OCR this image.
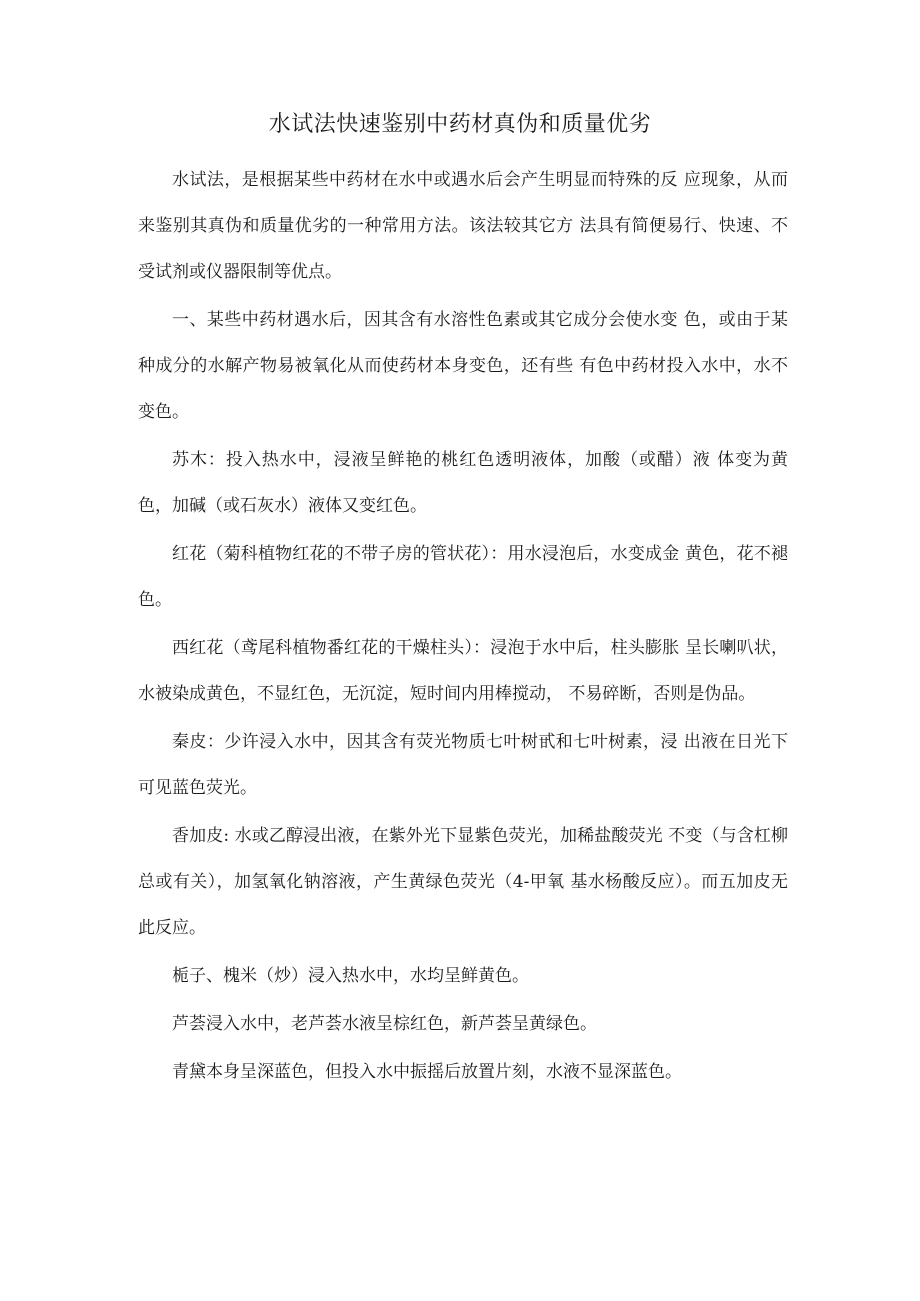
水试法快速鉴别中药材真伪和质量优劣

水试法，是根据某些中药材在水中或遇水后会产生明显而特殊的反 应现象，从而来鉴别其真伪和质量优劣的一种常用方法。该法较其它方 法具有简便易行、快速、不受试剂或仪器限制等优点。

一、某些中药材遇水后，因其含有水溶性色素或其它成分会使水变 色，或由于某种成分的水解产物易被氧化从而使药材本身变色，还有些 有色中药材投入水中，水不变色。

苏木：投入热水中，浸液呈鲜艳的桃红色透明液体，加酸（或醋）液 体变为黄色，加碱（或石灰水）液体又变红色。

红花（菊科植物红花的不带子房的管状花）：用水浸泡后，水变成金 黄色，花不褪色。

西红花（鸢尾科植物番红花的干燥柱头）：浸泡于水中后，柱头膨胀 呈长喇叭状，水被染成黄色，不显红色，无沉淀，短时间内用棒搅动， 不易碎断，否则是伪品。

秦皮：少许浸入水中，因其含有荧光物质七叶树甙和七叶树素，浸 出液在日光下可见蓝色荧光。

香加皮: 水或乙醇浸出液，在紫外光下显紫色荧光，加稀盐酸荧光 不变（与含杠柳总或有关），加氢氧化钠溶液，产生黄绿色荧光（4-甲氧 基水杨酸反应）。而五加皮无此反应。

栀子、槐米（炒）浸入热水中，水均呈鲜黄色。

芦荟浸入水中，老芦荟水液呈棕红色，新芦荟呈黄绿色。

青黛本身呈深蓝色，但投入水中振摇后放置片刻，水液不显深蓝色。
